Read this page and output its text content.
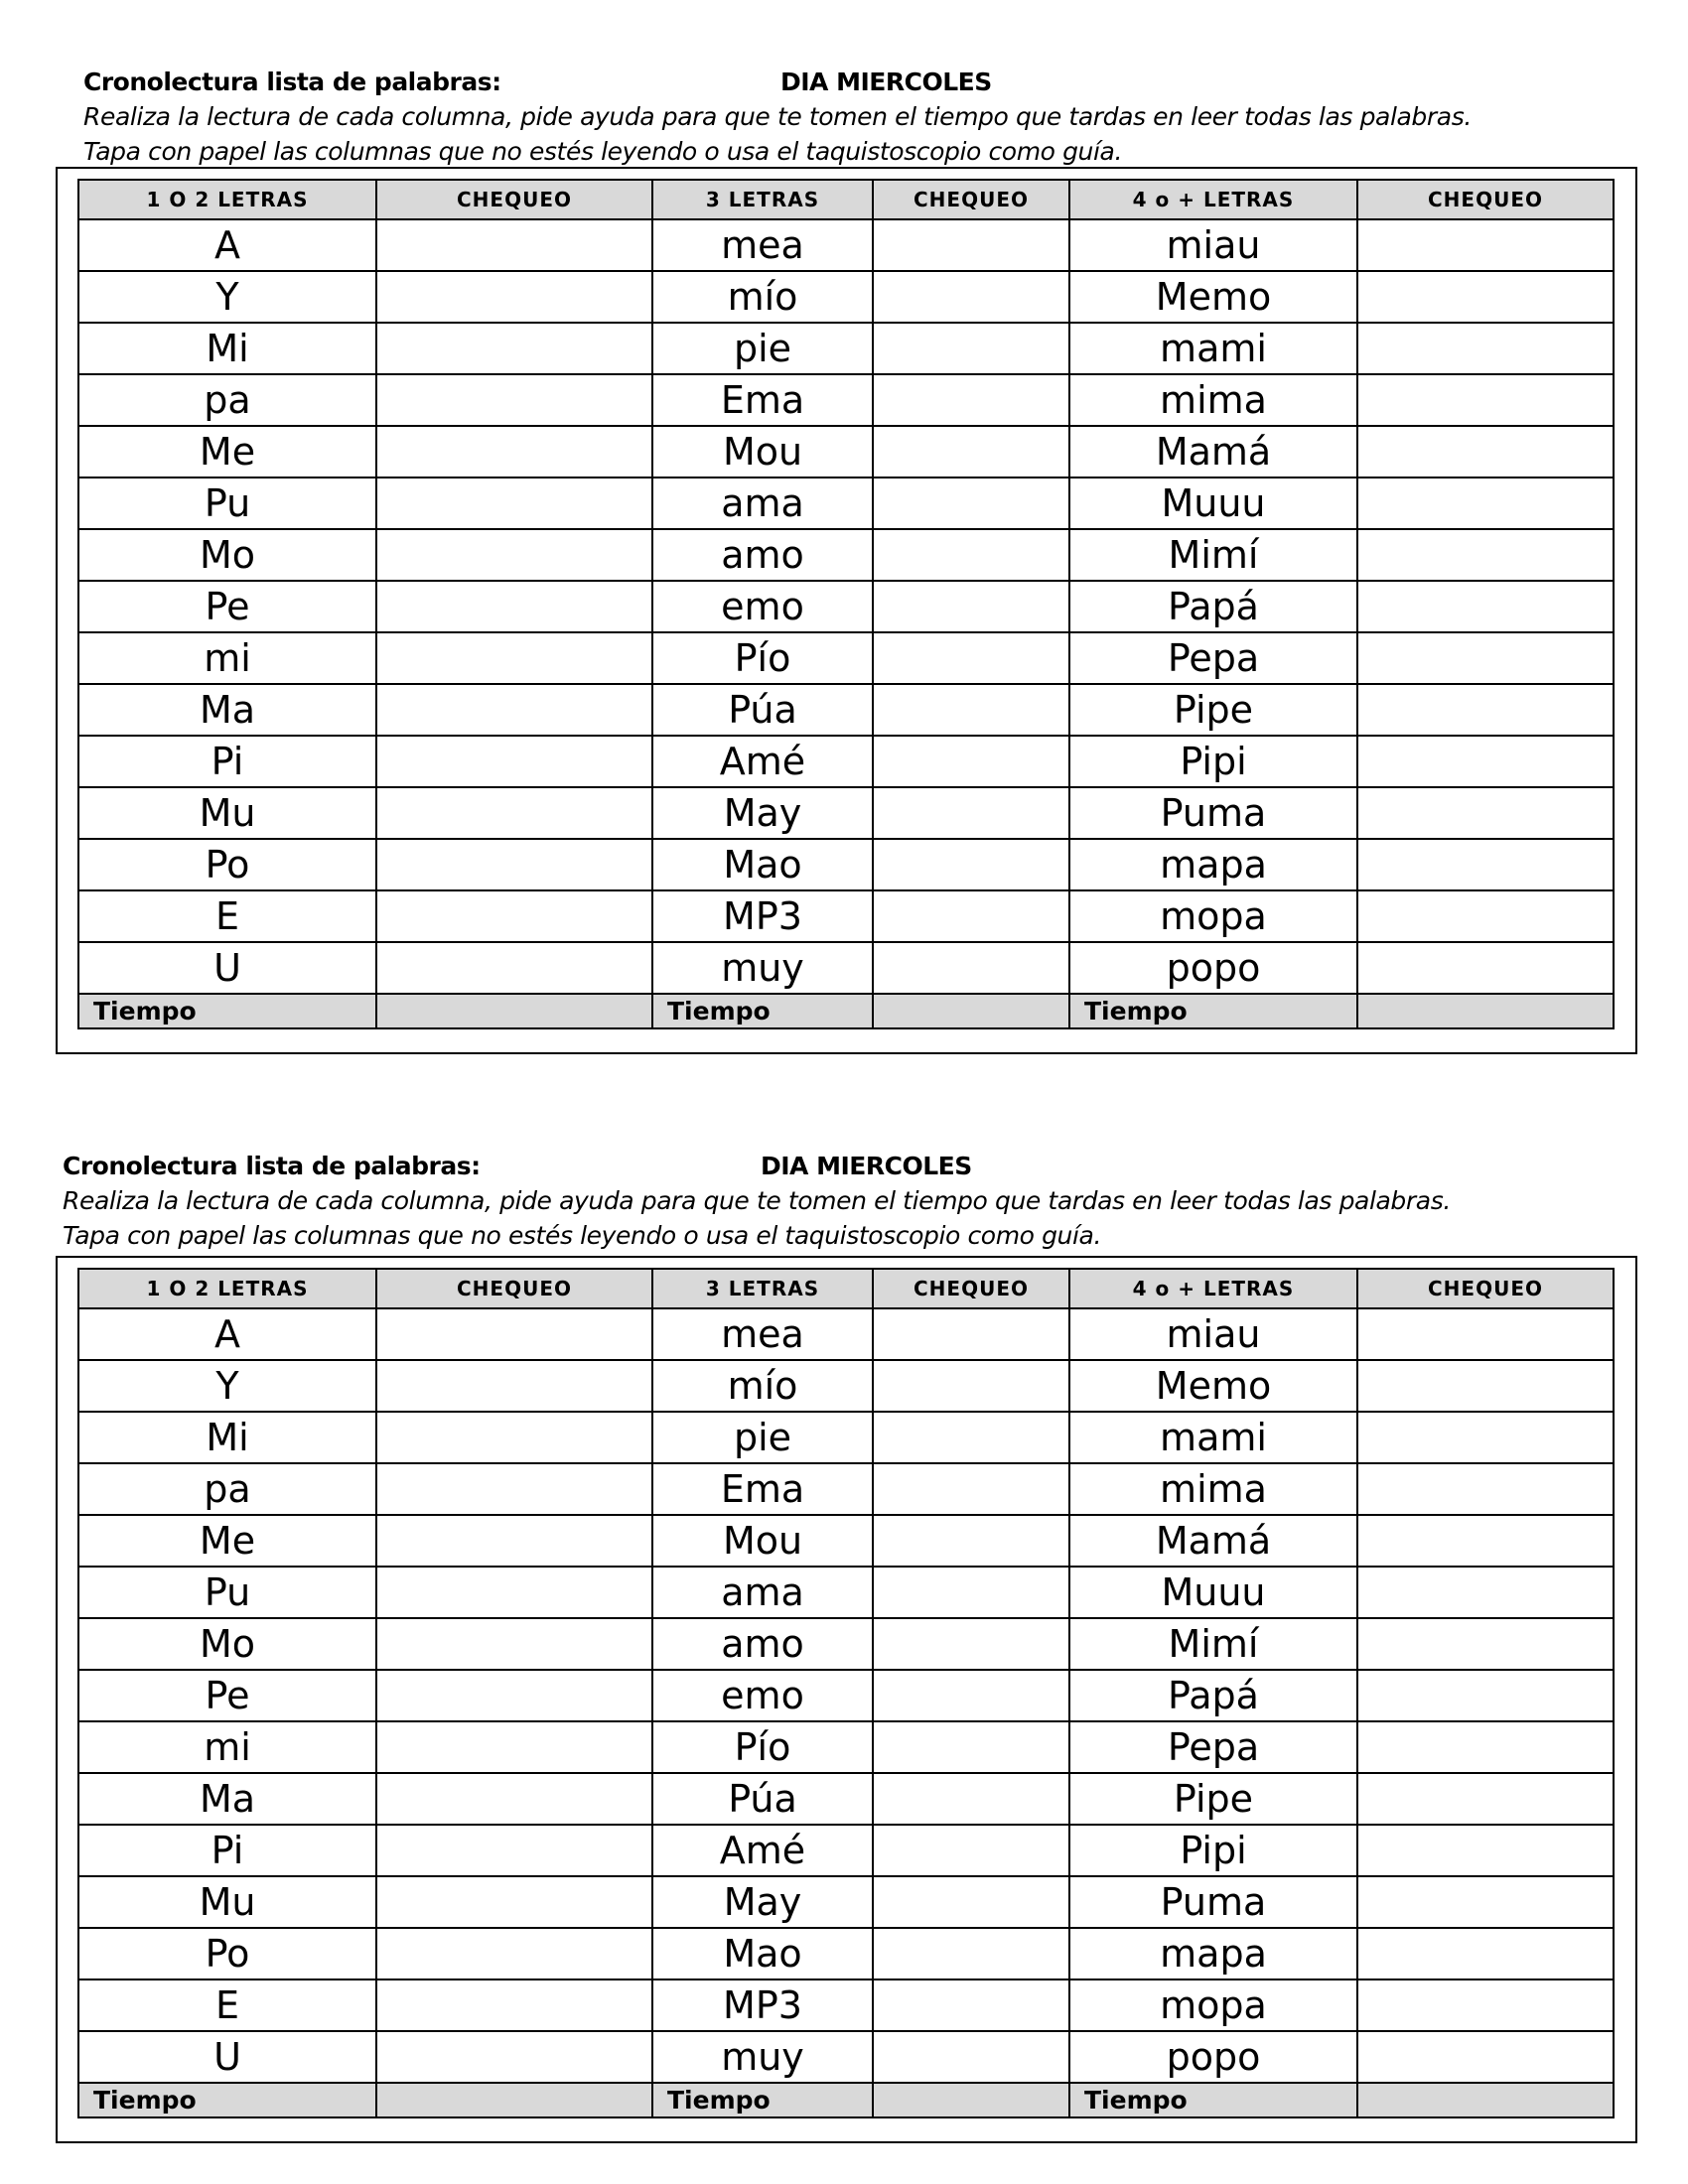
Cronolectura lista de palabras:	DIA MIERCOLES
Realiza la lectura de cada columna, pide ayuda para que te tomen el tiempo que tardas en leer todas las palabras.
Tapa con papel las columnas que no estés leyendo o usa el taquistoscopio como guía.
1 O 2 LETRAS	CHEQUEO	3 LETRAS	CHEQUEO	4 o + LETRAS	CHEQUEO
A		mea		miau	
Y		mío		Memo	
Mi		pie		mami	
pa		Ema		mima	
Me		Mou		Mamá	
Pu		ama		Muuu	
Mo		amo		Mimí	
Pe		emo		Papá	
mi		Pío		Pepa	
Ma		Púa		Pipe	
Pi		Amé		Pipi	
Mu		May		Puma	
Po		Mao		mapa	
E		MP3		mopa	
U		muy		popo	
Tiempo		Tiempo		Tiempo	
Cronolectura lista de palabras:	DIA MIERCOLES
Realiza la lectura de cada columna, pide ayuda para que te tomen el tiempo que tardas en leer todas las palabras.
Tapa con papel las columnas que no estés leyendo o usa el taquistoscopio como guía.
1 O 2 LETRAS	CHEQUEO	3 LETRAS	CHEQUEO	4 o + LETRAS	CHEQUEO
A		mea		miau	
Y		mío		Memo	
Mi		pie		mami	
pa		Ema		mima	
Me		Mou		Mamá	
Pu		ama		Muuu	
Mo		amo		Mimí	
Pe		emo		Papá	
mi		Pío		Pepa	
Ma		Púa		Pipe	
Pi		Amé		Pipi	
Mu		May		Puma	
Po		Mao		mapa	
E		MP3		mopa	
U		muy		popo	
Tiempo		Tiempo		Tiempo	
